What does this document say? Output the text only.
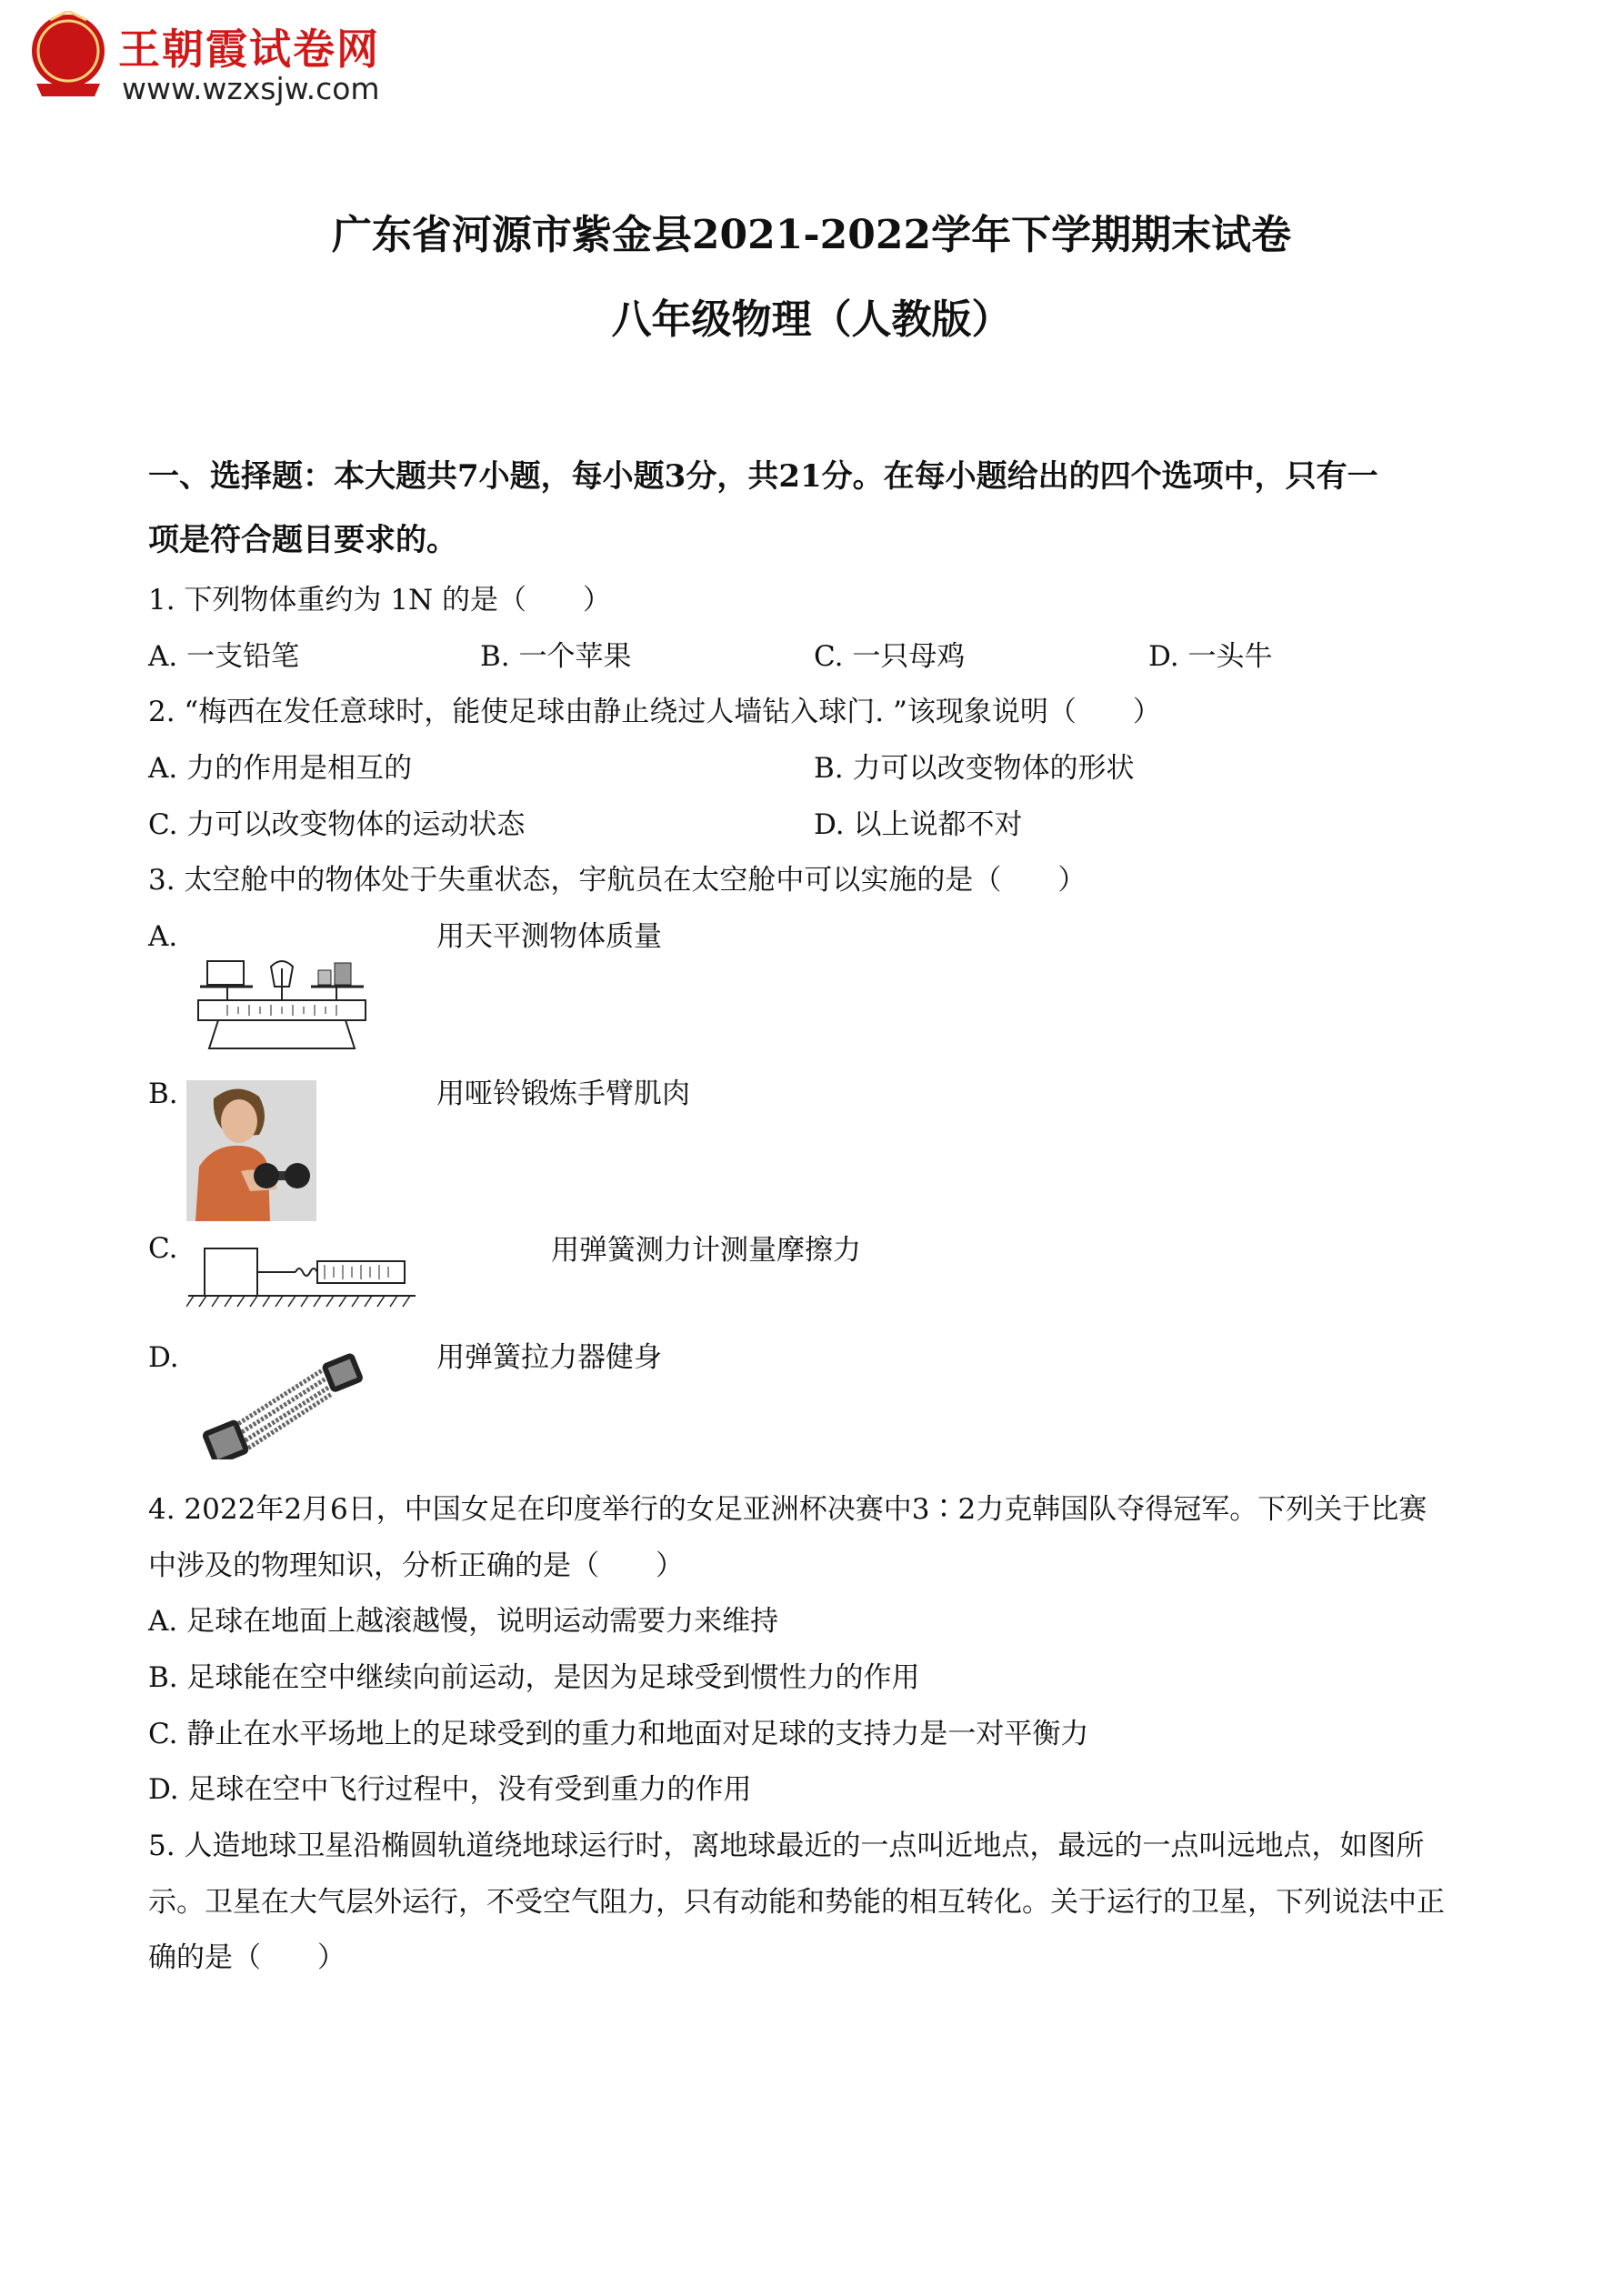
王朝霞试卷网
www.wzxsjw.com
广东省河源市紫金县2021-2022学年下学期期末试卷
八年级物理（人教版）
一、选择题：本大题共7小题，每小题3分，共21分。在每小题给出的四个选项中，只有一
项是符合题目要求的。
1. 下列物体重约为 1N 的是（　　）
A. 一支铅笔	B. 一个苹果	C. 一只母鸡	D. 一头牛
2. “梅西在发任意球时，能使足球由静止绕过人墙钻入球门. ”该现象说明（　　）
A. 力的作用是相互的	B. 力可以改变物体的形状
C. 力可以改变物体的运动状态	D. 以上说都不对
3. 太空舱中的物体处于失重状态，宇航员在太空舱中可以实施的是（　　）
A.	用天平测物体质量
B.	用哑铃锻炼手臂肌肉
C.	用弹簧测力计测量摩擦力
D.	用弹簧拉力器健身
4. 2022年2月6日，中国女足在印度举行的女足亚洲杯决赛中3∶2力克韩国队夺得冠军。下列关于比赛
中涉及的物理知识，分析正确的是（　　）
A. 足球在地面上越滚越慢，说明运动需要力来维持
B. 足球能在空中继续向前运动，是因为足球受到惯性力的作用
C. 静止在水平场地上的足球受到的重力和地面对足球的支持力是一对平衡力
D. 足球在空中飞行过程中，没有受到重力的作用
5. 人造地球卫星沿椭圆轨道绕地球运行时，离地球最近的一点叫近地点，最远的一点叫远地点，如图所
示。卫星在大气层外运行，不受空气阻力，只有动能和势能的相互转化。关于运行的卫星，下列说法中正
确的是（　　）
